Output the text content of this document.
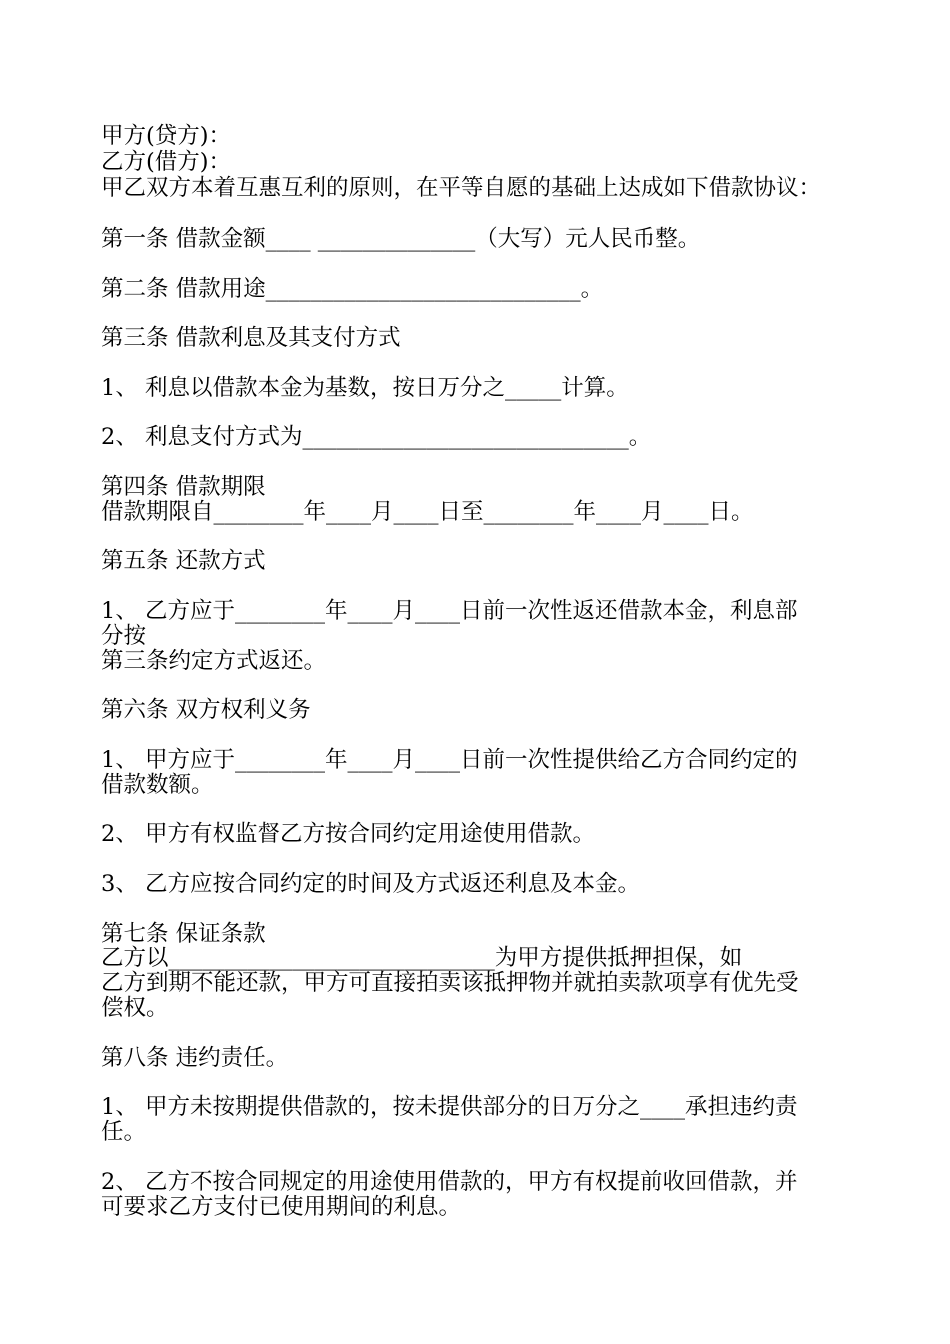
甲方(贷方)：
乙方(借方)：
甲乙双方本着互惠互利的原则，在平等自愿的基础上达成如下借款协议：
第一条 借款金额____ ______________（大写）元人民币整。
第二条 借款用途____________________________。
第三条 借款利息及其支付方式
1、 利息以借款本金为基数，按日万分之_____计算。
2、 利息支付方式为_____________________________。
第四条 借款期限
借款期限自________年____月____日至________年____月____日。
第五条 还款方式
1、 乙方应于________年____月____日前一次性返还借款本金，利息部
分按
第三条约定方式返还。
第六条 双方权利义务
1、 甲方应于________年____月____日前一次性提供给乙方合同约定的
借款数额。
2、 甲方有权监督乙方按合同约定用途使用借款。
3、 乙方应按合同约定的时间及方式返还利息及本金。
第七条 保证条款
乙方以_____________________________为甲方提供抵押担保，如
乙方到期不能还款，甲方可直接拍卖该抵押物并就拍卖款项享有优先受
偿权。
第八条 违约责任。
1、 甲方未按期提供借款的，按未提供部分的日万分之____承担违约责
任。
2、 乙方不按合同规定的用途使用借款的，甲方有权提前收回借款，并
可要求乙方支付已使用期间的利息。
